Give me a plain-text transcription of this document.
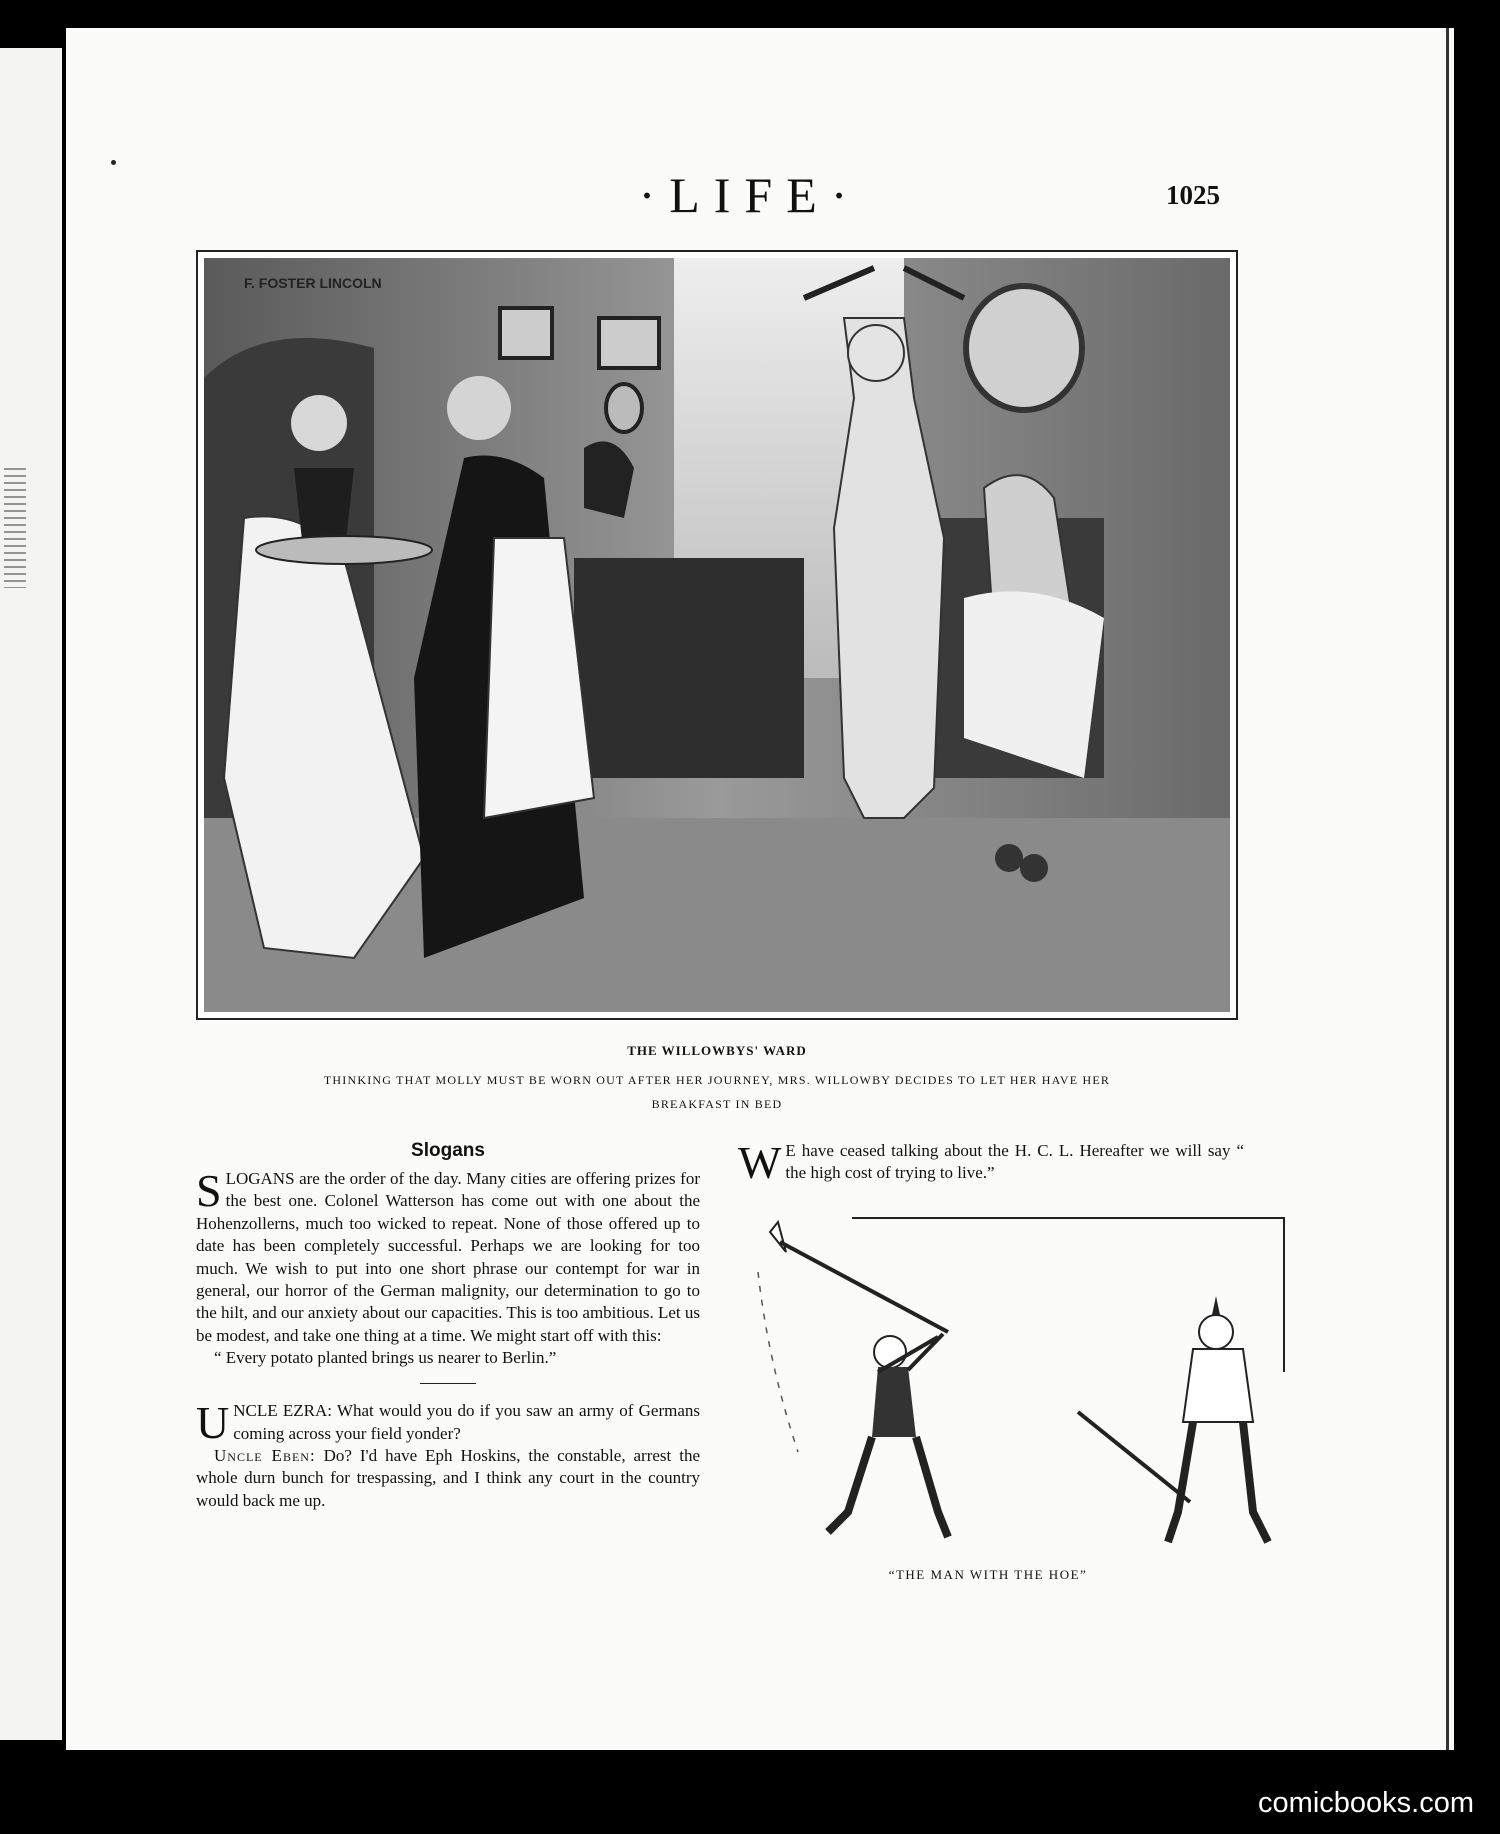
·LIFE·	1025
F. FOSTER LINCOLN
THE WILLOWBYS' WARD
THINKING THAT MOLLY MUST BE WORN OUT AFTER HER JOURNEY, MRS. WILLOWBY DECIDES TO LET HER HAVE HER BREAKFAST IN BED
Slogans

S LOGANS are the order of the day. Many cities are offering prizes for the best one. Colonel Watterson has come out with one about the Hohenzollerns, much too wicked to repeat. None of those offered up to date has been completely successful. Perhaps we are looking for too much. We wish to put into one short phrase our contempt for war in general, our horror of the German malignity, our determination to go to the hilt, and our anxiety about our capacities. This is too ambitious. Let us be modest, and take one thing at a time. We might start off with this:

“ Every potato planted brings us nearer to Berlin.”

U NCLE EZRA: What would you do if you saw an army of Germans coming across your field yonder?

Uncle Eben: Do? I'd have Eph Hoskins, the constable, arrest the whole durn bunch for trespassing, and I think any court in the country would back me up.

W E have ceased talking about the H. C. L. Hereafter we will say “ the high cost of trying to live.”

“THE MAN WITH THE HOE”
comicbooks.com
